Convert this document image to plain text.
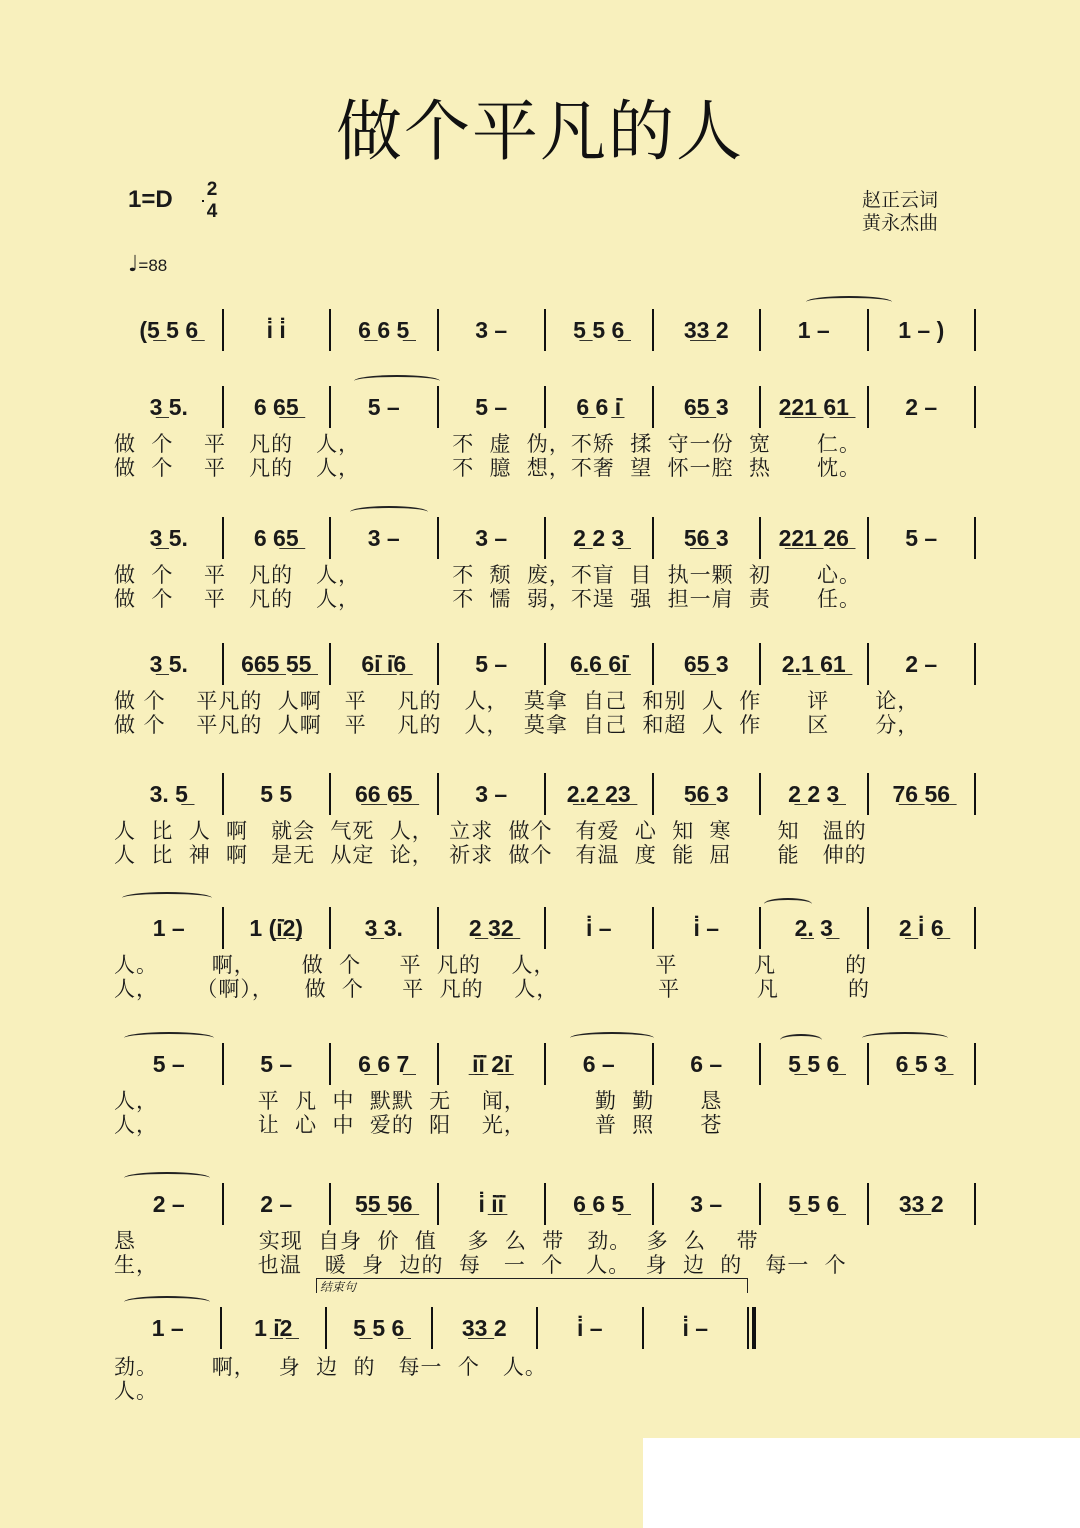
做个平凡的人
1=D 2
4
赵正云词
黄永杰曲
♩=88
(5̲ 5 6̲	i̇ i̇	6̲ 6 5̲	3 –	5̲ 5 6̲	3̲3̲ 2	1 –	1 – )
3̲ 5.	6 6̲5̲	5 –	5 –	6̲ 6 i̲̇	6̲5̲ 3 2̲2̲1̲ 6̲1̲ 2 –
做  个    平   凡的   人，            不  虚  伪，不矫  揉  守一份  宽      仁。
做  个    平   凡的   人，            不  臆  想，不奢  望  怀一腔  热      忱。
3̲ 5.	6 6̲5̲	3 –	3 –	2̲ 2 3̲	5̲6̲ 3 2̲2̲1̲ 2̲6̲ 5 –
做  个    平   凡的   人，            不  颓  废，不盲  目  执一颗  初      心。
做  个    平   凡的   人，            不  懦  弱，不逞  强  担一肩  责      任。
3̲ 5. 6̲6̲5̲ 5̲5̲ 6̲i̲̇ i̲̇6̲	5 –	6̲.6̲ 6̲i̲̇ 6̲5̲ 3 2̲.1̲ 6̲1̲	2 –
做 个    平凡的  人啊   平    凡的   人，  莫拿  自己  和别  人  作      评      论，
做 个    平凡的  人啊   平    凡的   人，  莫拿  自己  和超  人  作      区      分，
3. 5̲	5 5	6̲6̲ 6̲5̲	3 –	2̲.2̲ 2̲3̲ 5̲6̲ 3	2̲ 2 3̲ 7̲6̲ 5̲6̲
人  比  人  啊   就会  气死  人，  立求  做个   有爱  心  知  寒      知   温的
人  比  神  啊   是无  从定  论，  祈求  做个   有温  度  能  屈      能   伸的
1 –	1 (i̲̇2̲)	3̲ 3.	2̲ 3̲2̲	i̇ –	i̇ –	2̲. 3̲	2̲ i̇ 6̲
人。       啊，      做  个     平  凡的    人，             平          凡         的
人，     （啊），    做  个     平  凡的    人，             平          凡         的
5 –	5 –	6̲ 6 7̲	i̲̇i̲̇ 2̲i̲̇	6 –	6 –	5̲ 5 6̲ 6̲ 5 3̲
人，             平  凡  中  默默  无    闻，         勤  勤      恳
人，             让  心  中  爱的  阳    光，         普  照      苍
2 –	2 –	5̲5̲ 5̲6̲	i̇ i̲̇i̲̇	6̲ 6 5̲	3 –	5̲ 5 6̲	3̲3̲ 2
恳                实现  自身  价  值    多  么  带   劲。  多  么    带
生，             也温   暖  身  边的  每   一  个   人。  身  边  的   每一  个
1 –	1 i̲̇2̲	5̲ 5 6̲	3̲3̲ 2	i̇ –	i̇ –
劲。       啊，   身  边  的   每一  个   人。
人。
结束句
